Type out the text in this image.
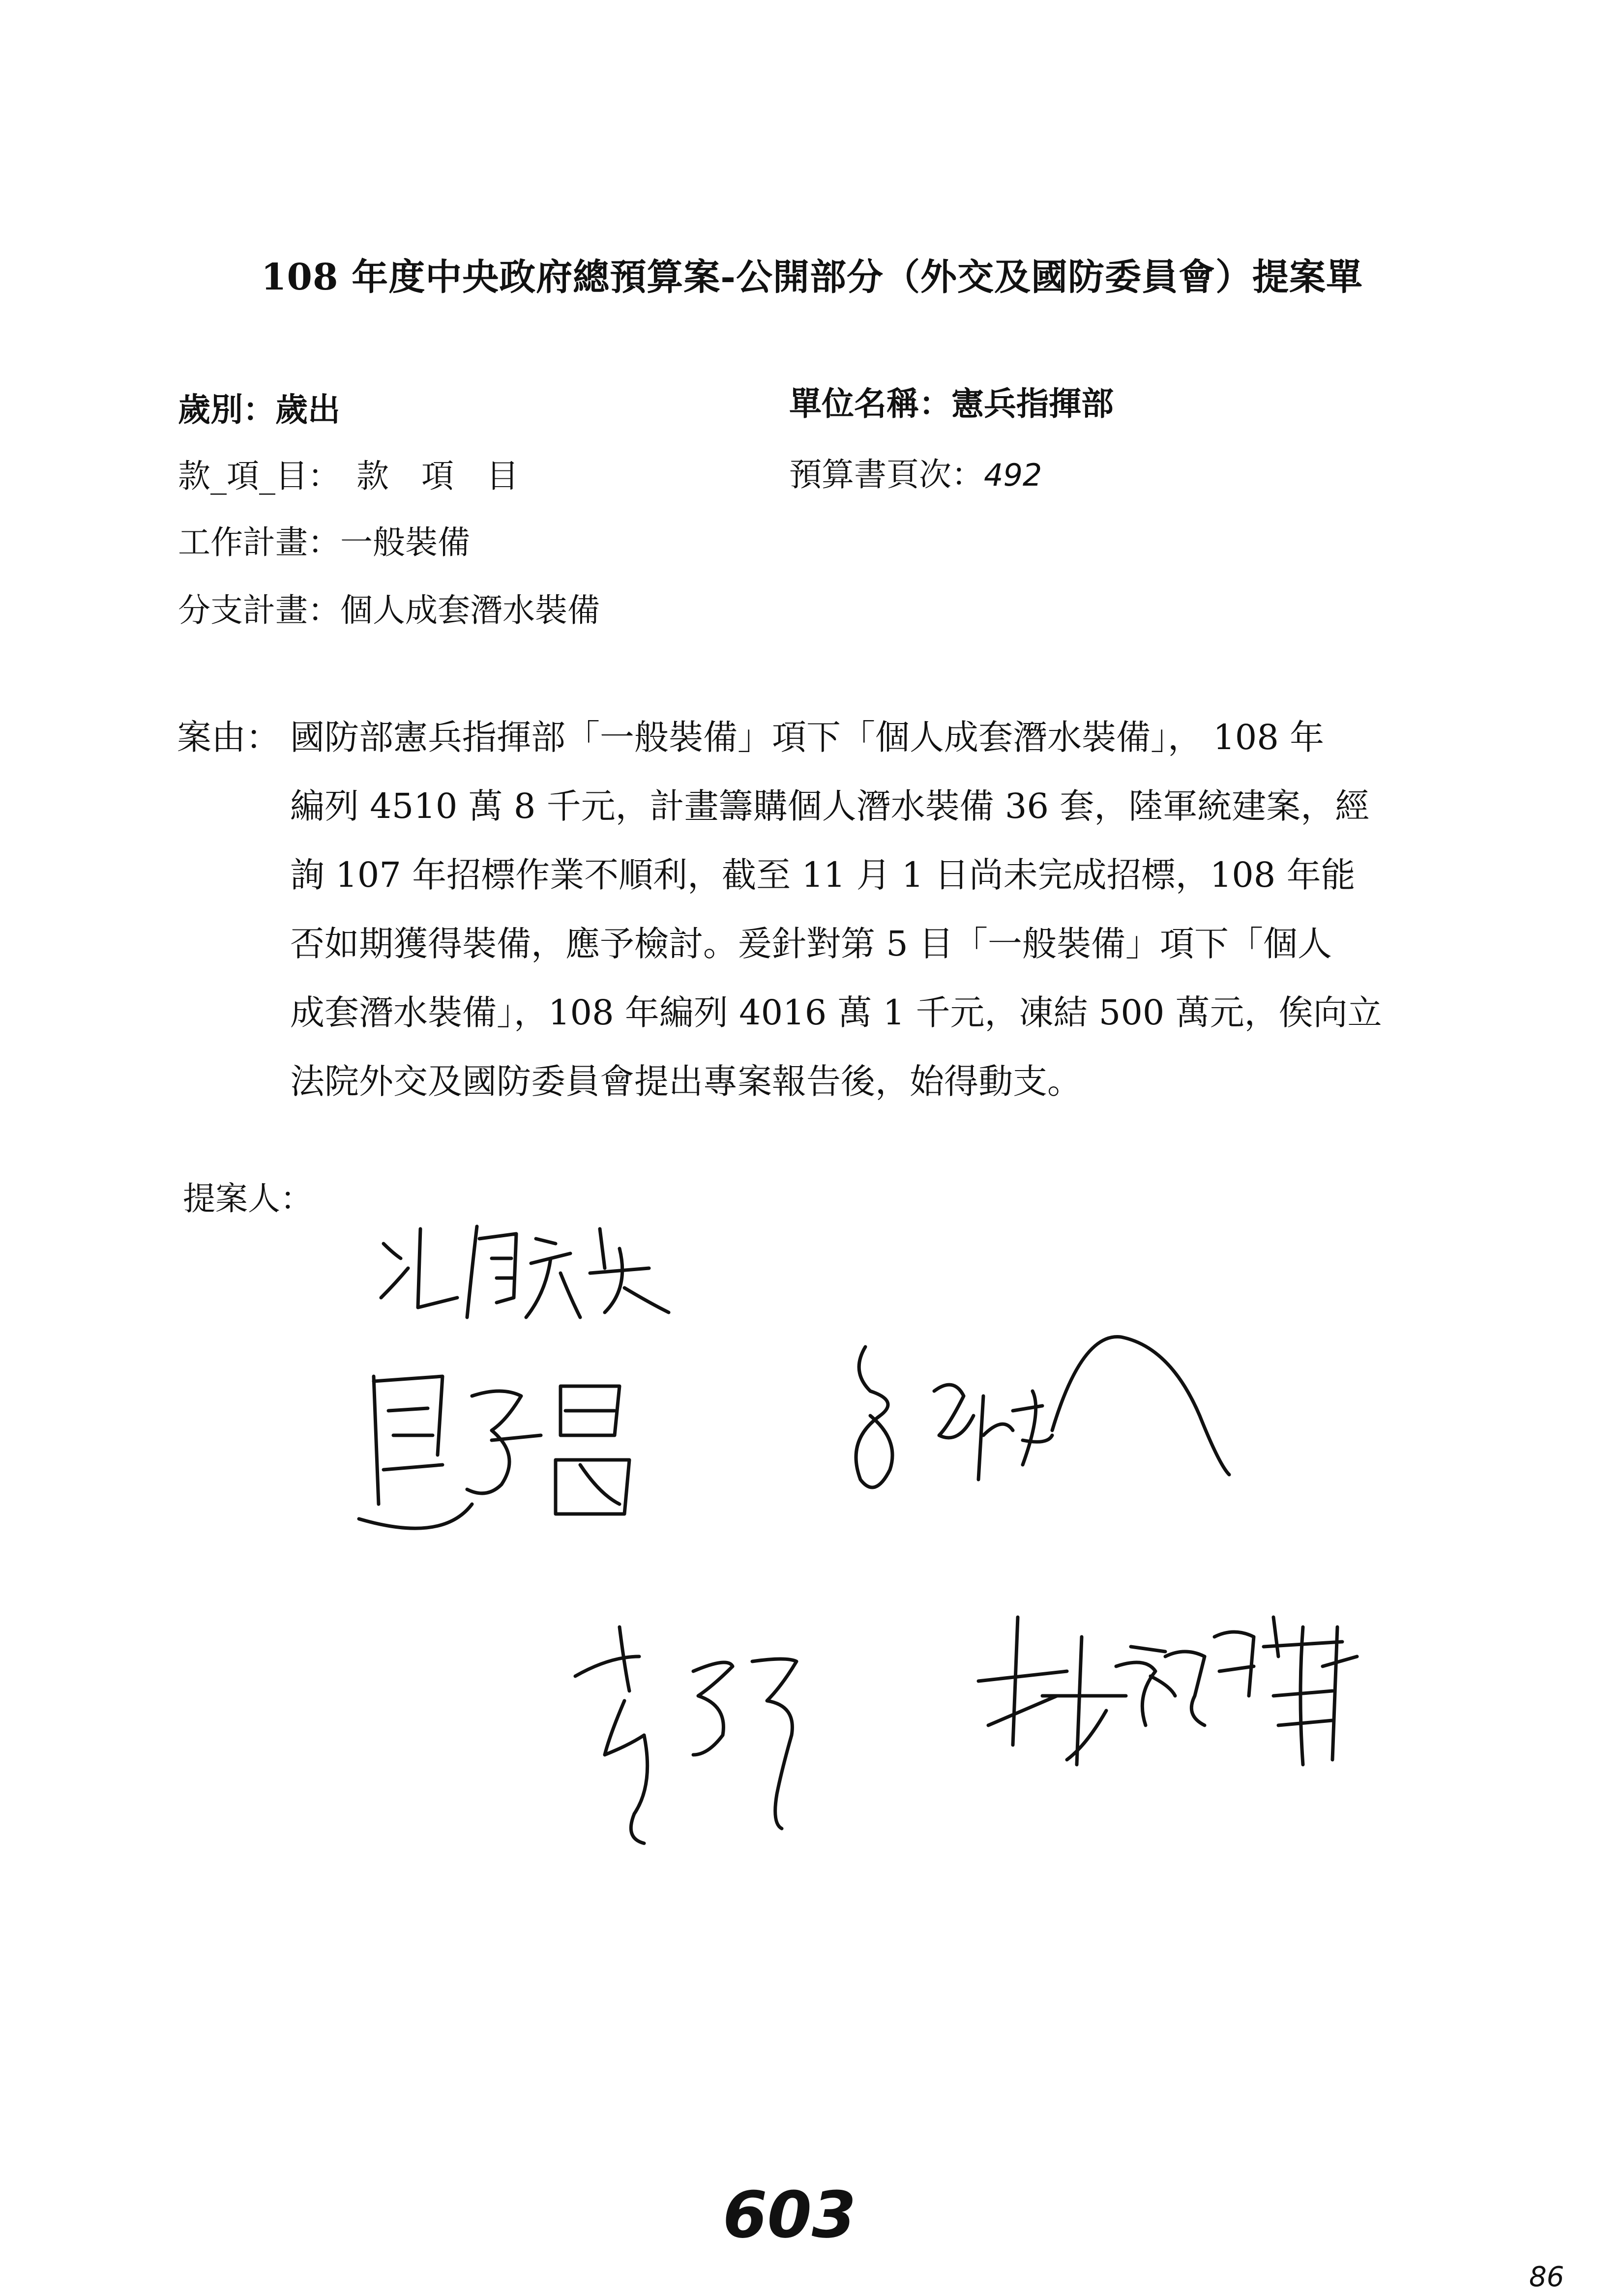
108 年度中央政府總預算案-公開部分（外交及國防委員會）提案單
歲別：歲出	單位名稱：憲兵指揮部
款_項_目：　款　項　目	預算書頁次：492
工作計畫：一般裝備
分支計畫：個人成套潛水裝備
案由： 國防部憲兵指揮部「一般裝備」項下「個人成套潛水裝備」， 108 年
編列 4510 萬 8 千元，計畫籌購個人潛水裝備 36 套，陸軍統建案，經
詢 107 年招標作業不順利，截至 11 月 1 日尚未完成招標，108 年能
否如期獲得裝備，應予檢討。爰針對第 5 目「一般裝備」項下「個人
成套潛水裝備」，108 年編列 4016 萬 1 千元，凍結 500 萬元，俟向立
法院外交及國防委員會提出專案報告後，始得動支。
提案人：
603
86
